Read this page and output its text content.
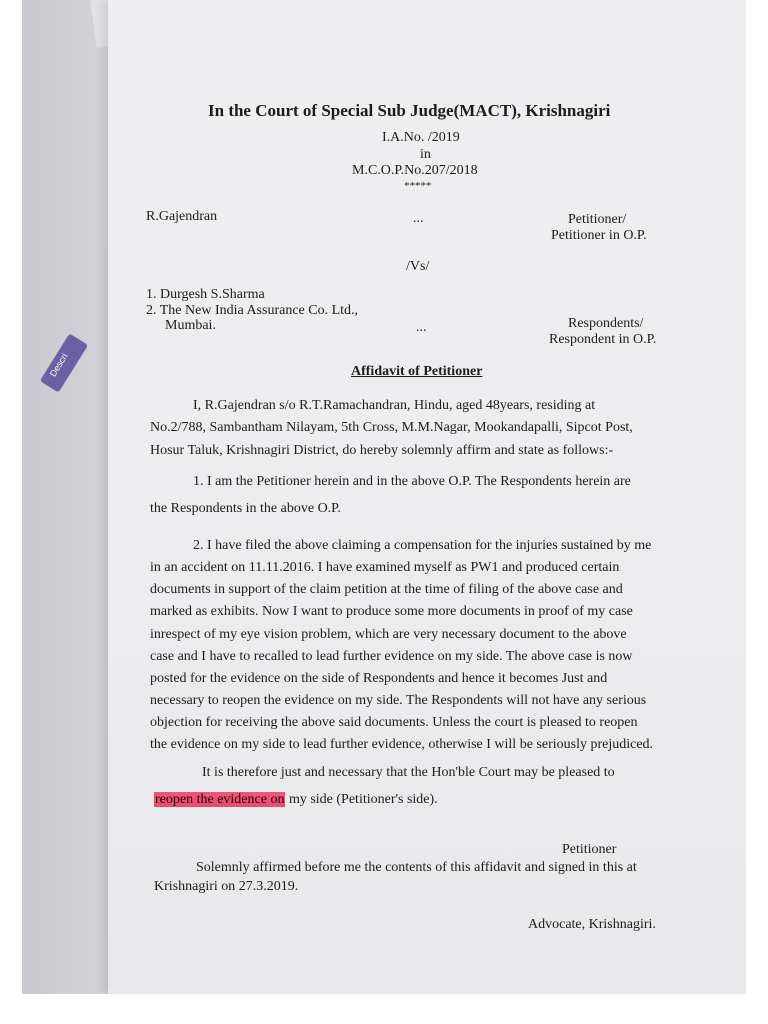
Descri
In the Court of Special Sub Judge(MACT), Krishnagiri
I.A.No. /2019
in
M.C.O.P.No.207/2018
*****
R.Gajendran	...	Petitioner/
Petitioner in O.P.
/Vs/
1. Durgesh S.Sharma
2. The New India Assurance Co. Ltd.,
Mumbai.	...	Respondents/
Respondent in O.P.
Affidavit of Petitioner
I, R.Gajendran s/o R.T.Ramachandran, Hindu, aged 48years, residing at
No.2/788, Sambantham Nilayam, 5th Cross, M.M.Nagar, Mookandapalli, Sipcot Post,
Hosur Taluk, Krishnagiri District, do hereby solemnly affirm and state as follows:-
1. I am the Petitioner herein and in the above O.P. The Respondents herein are
the Respondents in the above O.P.
2. I have filed the above claiming a compensation for the injuries sustained by me
in an accident on 11.11.2016. I have examined myself as PW1 and produced certain
documents in support of the claim petition at the time of filing of the above case and
marked as exhibits. Now I want to produce some more documents in proof of my case
inrespect of my eye vision problem, which are very necessary document to the above
case and I have to recalled to lead further evidence on my side. The above case is now
posted for the evidence on the side of Respondents and hence it becomes Just and
necessary to reopen the evidence on my side. The Respondents will not have any serious
objection for receiving the above said documents. Unless the court is pleased to reopen
the evidence on my side to lead further evidence, otherwise I will be seriously prejudiced.
It is therefore just and necessary that the Hon'ble Court may be pleased to
reopen the evidence on my side (Petitioner's side).
Petitioner
Solemnly affirmed before me the contents of this affidavit and signed in this at
Krishnagiri on 27.3.2019.
Advocate, Krishnagiri.
